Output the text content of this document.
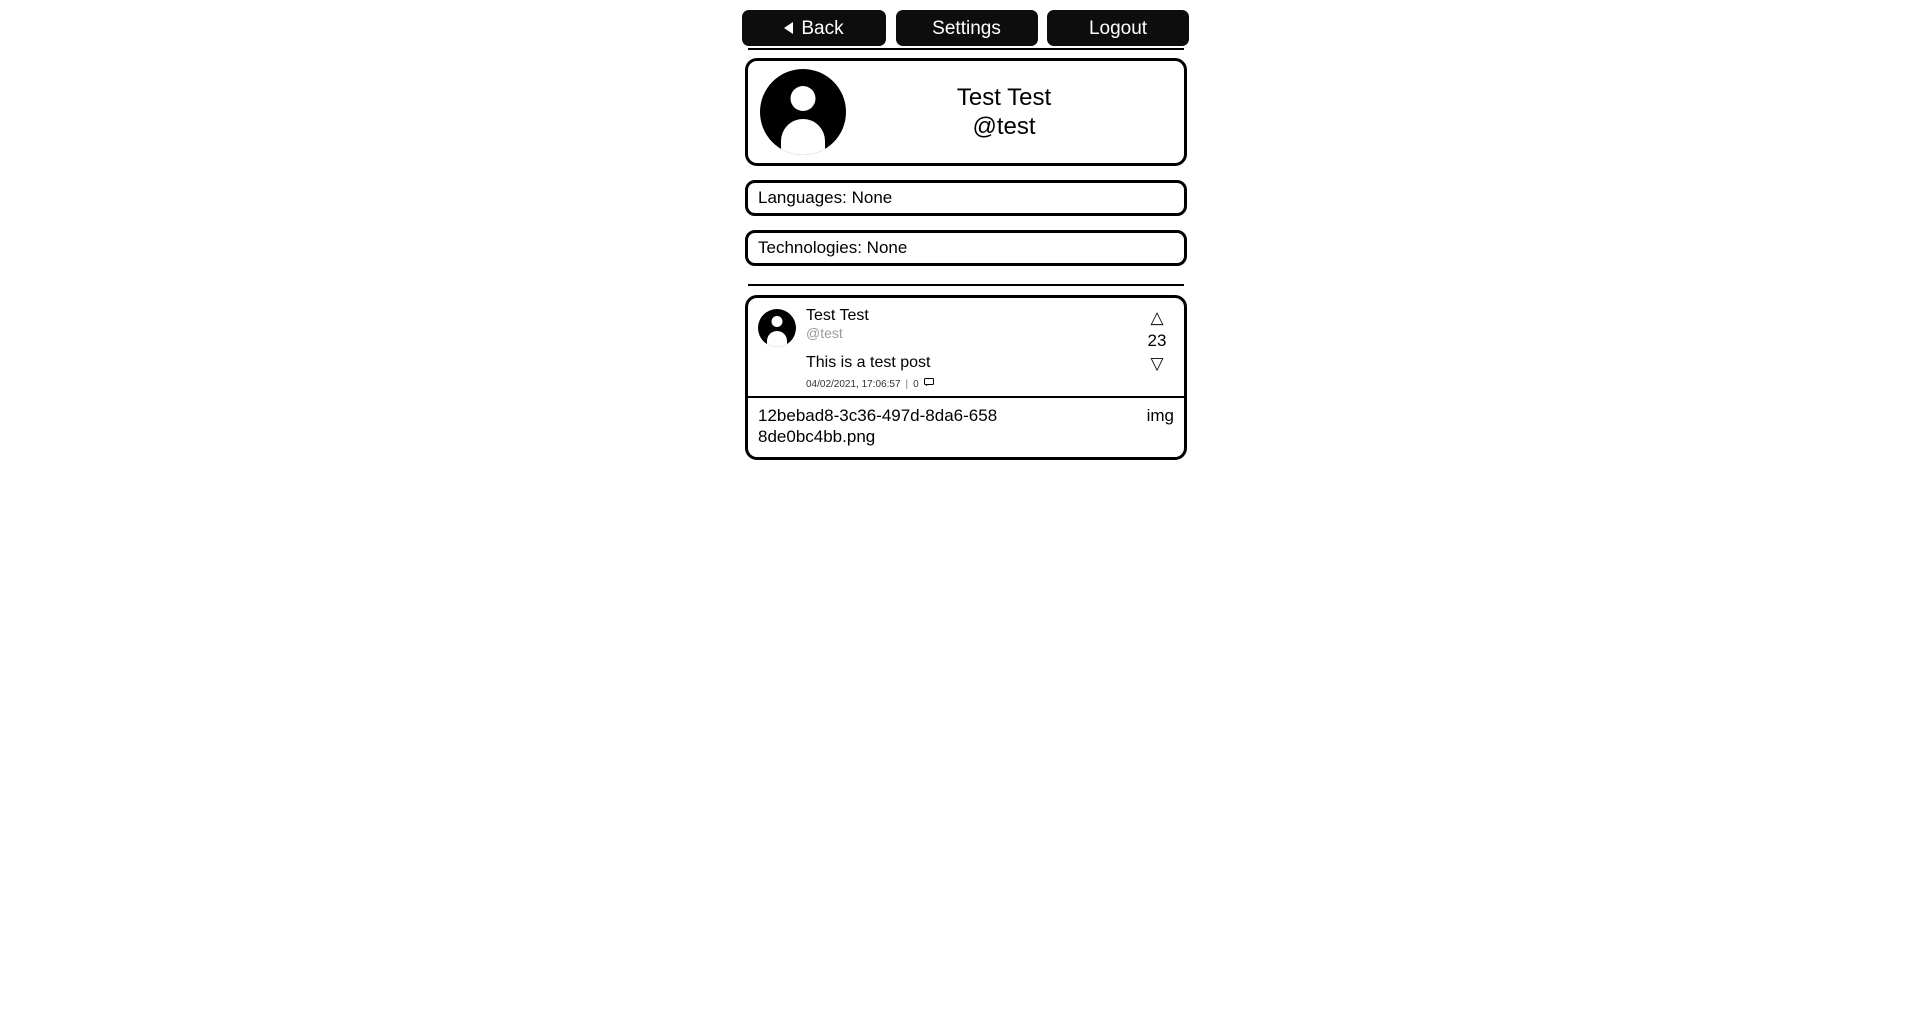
Back	Settings	Logout
Test Test
@test
Languages: None
Technologies: None
Test Test
@test
This is a test post
04/02/2021, 17:06:57 | 0
△
23
▽
12bebad8-3c36-497d-8da6-6588de0bc4bb.png
img
